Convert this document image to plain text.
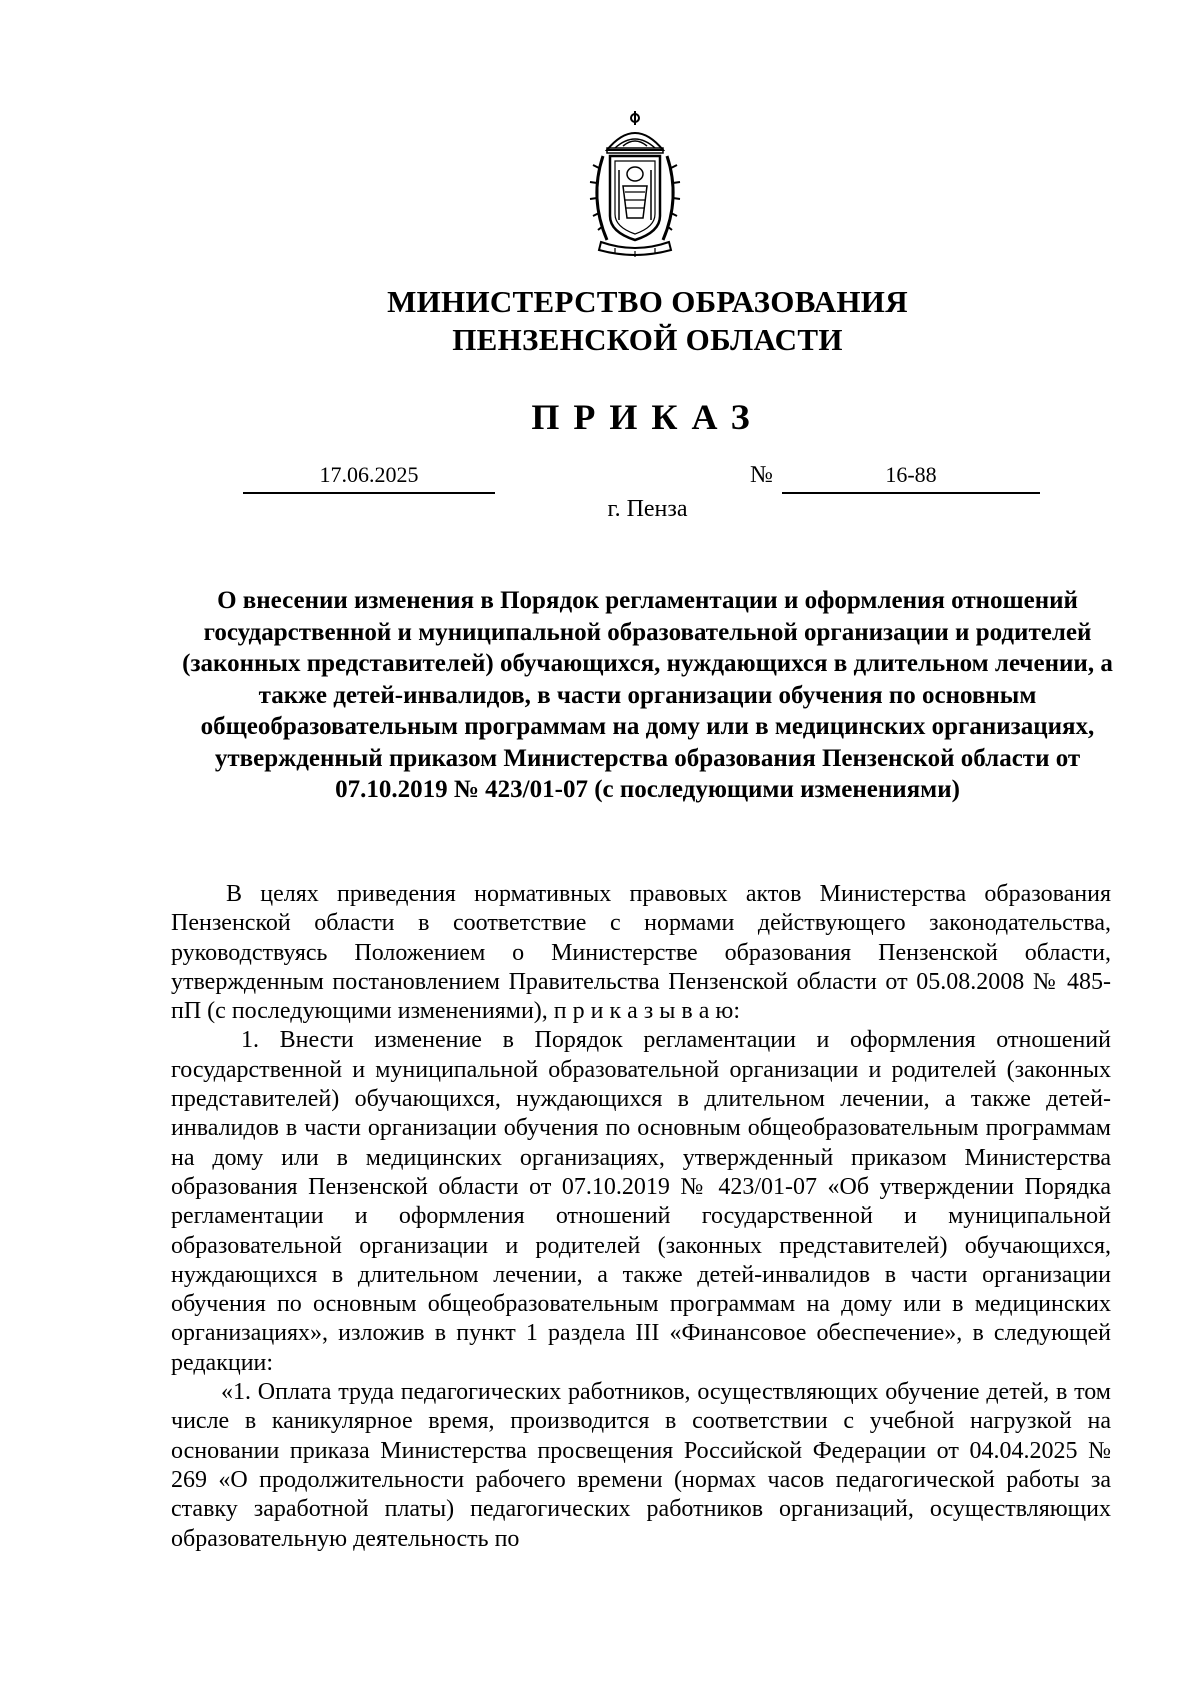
МИНИСТЕРСТВО ОБРАЗОВАНИЯ
ПЕНЗЕНСКОЙ ОБЛАСТИ
ПРИКАЗ
17.06.2025	№	16-88
г. Пенза
О внесении изменения в Порядок регламентации и оформления отношений государственной и муниципальной образовательной организации и родителей (законных представителей) обучающихся, нуждающихся в длительном лечении, а также детей-инвалидов, в части организации обучения по основным общеобразовательным программам на дому или в медицинских организациях, утвержденный приказом Министерства образования Пензенской области от 07.10.2019 № 423/01-07 (с последующими изменениями)

В целях приведения нормативных правовых актов Министерства образования Пензенской области в соответствие с нормами действующего законодательства, руководствуясь Положением о Министерстве образования Пензенской области, утвержденным постановлением Правительства Пензенской области от 05.08.2008 № 485-пП (с последующими изменениями), п р и к а з ы в а ю:

1. Внести изменение в Порядок регламентации и оформления отношений государственной и муниципальной образовательной организации и родителей (законных представителей) обучающихся, нуждающихся в длительном лечении, а также детей-инвалидов в части организации обучения по основным общеобразовательным программам на дому или в медицинских организациях, утвержденный приказом Министерства образования Пензенской области от 07.10.2019 № 423/01-07 «Об утверждении Порядка регламентации и оформления отношений государственной и муниципальной образовательной организации и родителей (законных представителей) обучающихся, нуждающихся в длительном лечении, а также детей-инвалидов в части организации обучения по основным общеобразовательным программам на дому или в медицинских организациях», изложив в пункт 1 раздела III «Финансовое обеспечение», в следующей редакции:

«1. Оплата труда педагогических работников, осуществляющих обучение детей, в том числе в каникулярное время, производится в соответствии с учебной нагрузкой на основании приказа Министерства просвещения Российской Федерации от 04.04.2025 № 269 «О продолжительности рабочего времени (нормах часов педагогической работы за ставку заработной платы) педагогических работников организаций, осуществляющих образовательную деятельность по
